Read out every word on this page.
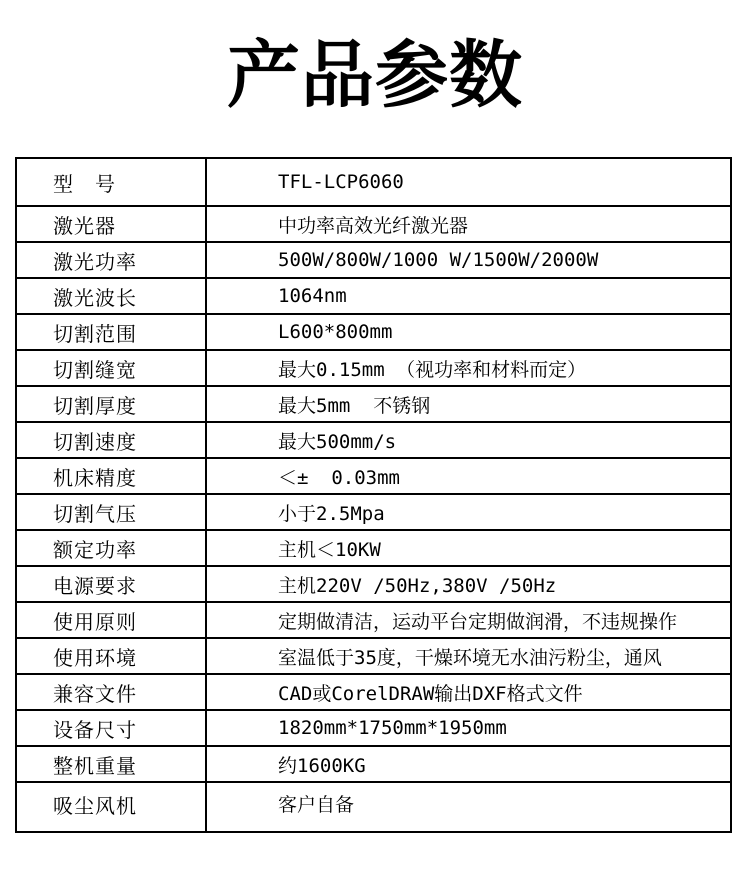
产品参数
型　号	TFL-LCP6060
激光器	中功率高效光纤激光器
激光功率	500W/800W/1000 W/1500W/2000W
激光波长	1064nm
切割范围	L600*800mm
切割缝宽	最大0.15mm （视功率和材料而定）
切割厚度	最大5mm  不锈钢
切割速度	最大500mm/s
机床精度	＜±  0.03mm
切割气压	小于2.5Mpa
额定功率	主机＜10KW
电源要求	主机220V /50Hz,380V /50Hz
使用原则	定期做清洁，运动平台定期做润滑，不违规操作
使用环境	室温低于35度，干燥环境无水油污粉尘，通风
兼容文件	CAD或CorelDRAW输出DXF格式文件
设备尺寸	1820mm*1750mm*1950mm
整机重量	约1600KG
吸尘风机	客户自备
